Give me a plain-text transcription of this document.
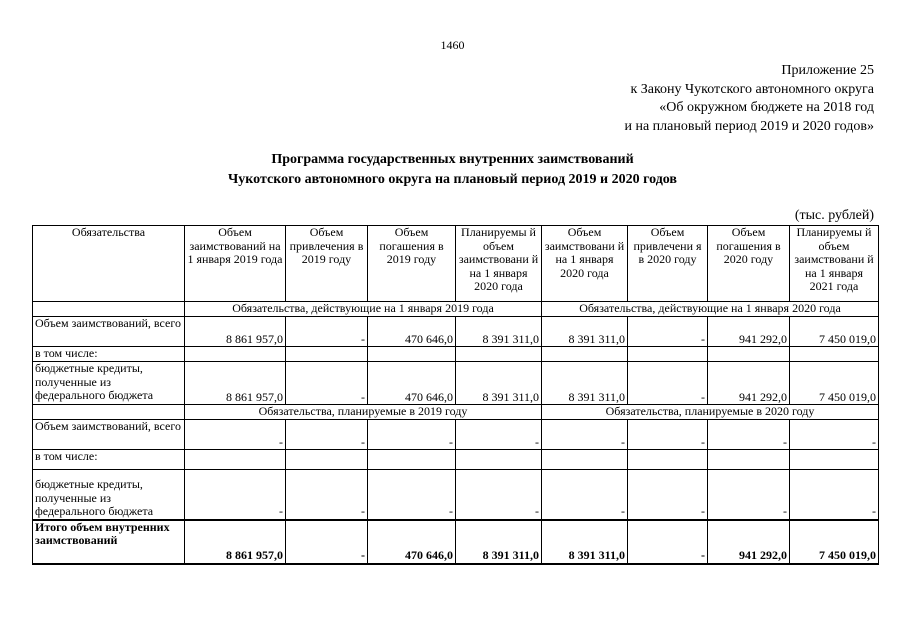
1460
Приложение 25
к Закону Чукотского автономного округа
«Об окружном бюджете на 2018 год
и на плановый период 2019 и 2020 годов»
Программа государственных внутренних заимствований
Чукотского автономного округа на плановый период 2019 и 2020 годов
(тыс. рублей)
Обязательства	Объем заимствований на 1 января 2019 года	Объем привлечения в 2019 году	Объем погашения в 2019 году	Планируемы й объем заимствовани й на 1 января 2020 года	Объем заимствовани й на 1 января 2020 года	Объем привлечени я в 2020 году	Объем погашения в 2020 году	Планируемы й объем заимствовани й на 1 января 2021 года
	Обязательства, действующие на 1 января 2019 года				Обязательства, действующие на 1 января 2020 года			
Объем заимствований, всего	8 861 957,0	-	470 646,0	8 391 311,0	8 391 311,0	-	941 292,0	7 450 019,0
в том числе:								
бюджетные кредиты, полученные из федерального бюджета	8 861 957,0	-	470 646,0	8 391 311,0	8 391 311,0	-	941 292,0	7 450 019,0
	Обязательства, планируемые в 2019 году				Обязательства, планируемые в 2020 году			
Объем заимствований, всего	-	-	-	-	-	-	-	-
в том числе:								
бюджетные кредиты, полученные из федерального бюджета	-	-	-	-	-	-	-	-
Итого объем внутренних заимствований	8 861 957,0	-	470 646,0	8 391 311,0	8 391 311,0	-	941 292,0	7 450 019,0
